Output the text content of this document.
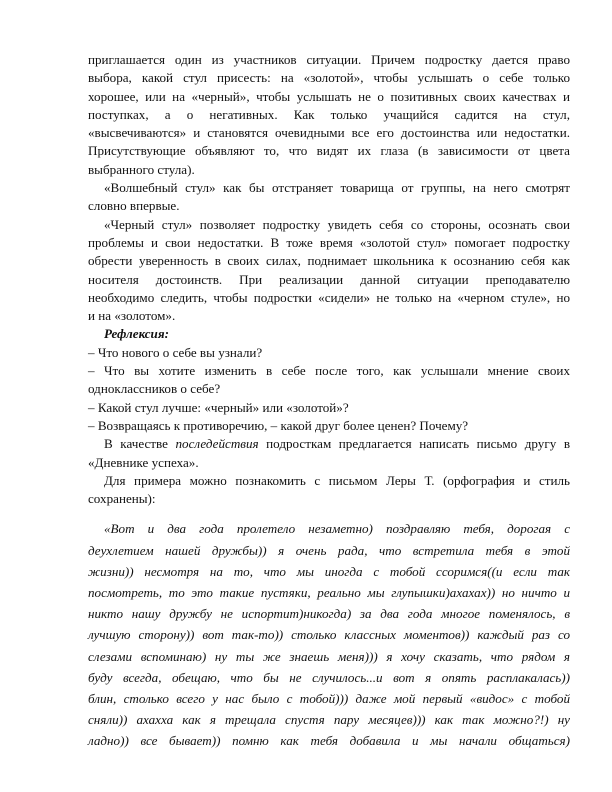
приглашается один из участников ситуации. Причем подростку дается право
выбора, какой стул присесть: на «золотой», чтобы услышать о себе только
хорошее, или на «черный», чтобы услышать не о позитивных своих качествах и
поступках, а о негативных. Как только учащийся садится на стул,
«высвечиваются» и становятся очевидными все его достоинства или недостатки.
Присутствующие объявляют то, что видят их глаза (в зависимости от цвета
выбранного стула).

«Волшебный стул» как бы отстраняет товарища от группы, на него смотрят
словно впервые.

«Черный стул» позволяет подростку увидеть себя со стороны, осознать свои
проблемы и свои недостатки. В тоже время «золотой стул» помогает подростку
обрести уверенность в своих силах, поднимает школьника к осознанию себя как
носителя достоинств. При реализации данной ситуации преподавателю
необходимо следить, чтобы подростки «сидели» не только на «черном стуле», но
и на «золотом».

Рефлексия:

– Что нового о себе вы узнали?

– Что вы хотите изменить в себе после того, как услышали мнение своих
одноклассников о себе?

– Какой стул лучше: «черный» или «золотой»?

– Возвращаясь к противоречию, – какой друг более ценен? Почему?

В качестве последействия подросткам предлагается написать письмо другу в
«Дневнике успеха».

Для примера можно познакомить с письмом Леры Т. (орфография и стиль
сохранены):

«Вот и два года пролетело незаметно) поздравляю тебя, дорогая с
деухлетием нашей дружбы)) я очень рада, что встретила тебя в этой
жизни)) несмотря на то, что мы иногда с тобой ссоримся((и если так
посмотреть, то это такие пустяки, реально мы глупышки)ахахах)) но ничто и
никто нашу дружбу не испортит)никогда) за два года многое поменялось, в
лучшую сторону)) вот так-то)) столько классных моментов)) каждый раз со
слезами вспоминаю) ну ты же знаешь меня))) я хочу сказать, что рядом я
буду всегда, обещаю, что бы не случилось...и вот я опять расплакалась))
блин, столько всего у нас было с тобой))) даже мой первый «видос» с тобой
сняли)) ахахха как я трещала спустя пару месяцев))) как так можно?!) ну
ладно)) все бывает)) помню как тебя добавила и мы начали общаться)
